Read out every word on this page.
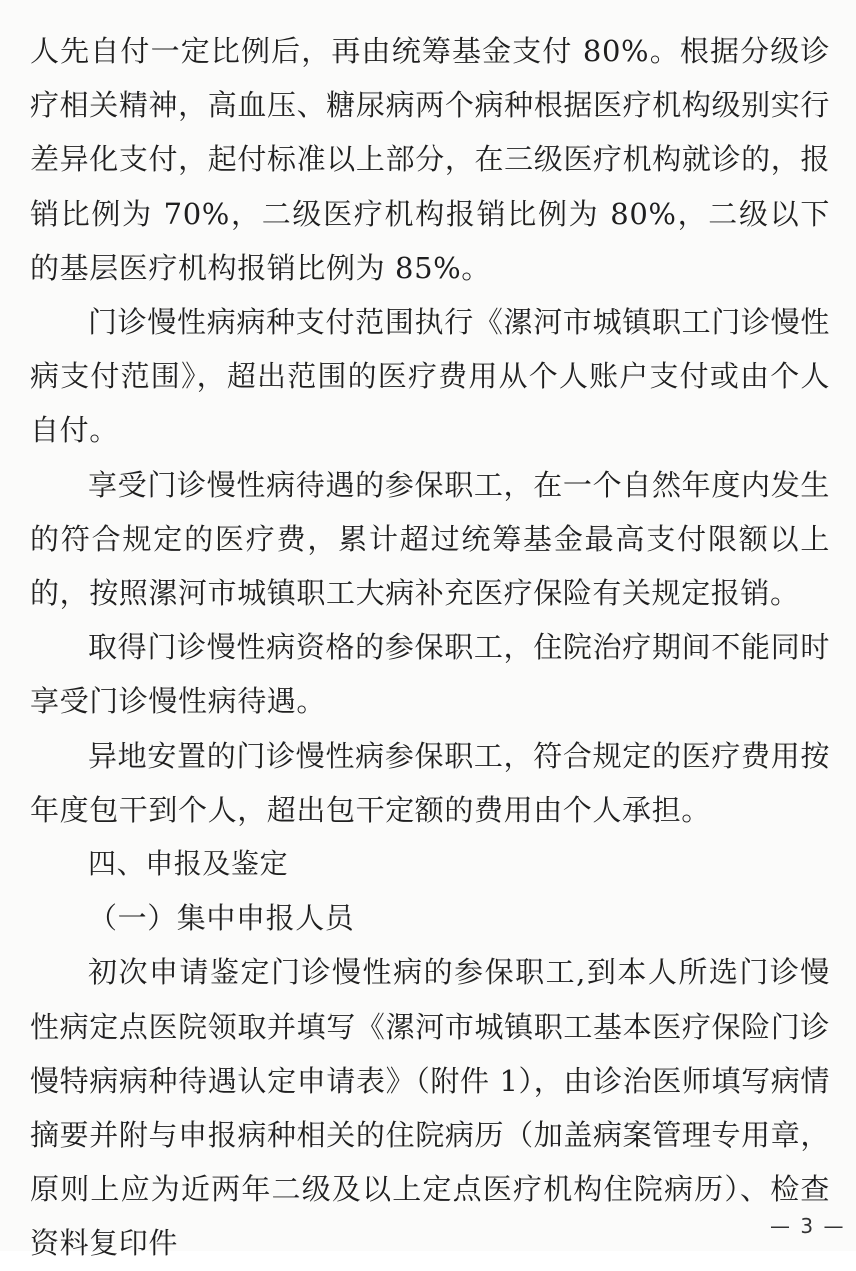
人先自付一定比例后，再由统筹基金支付 80%。根据分级诊疗相关精神，高血压、糖尿病两个病种根据医疗机构级别实行差异化支付，起付标准以上部分，在三级医疗机构就诊的，报销比例为 70%，二级医疗机构报销比例为 80%，二级以下的基层医疗机构报销比例为 85%。

门诊慢性病病种支付范围执行《漯河市城镇职工门诊慢性病支付范围》，超出范围的医疗费用从个人账户支付或由个人自付。

享受门诊慢性病待遇的参保职工，在一个自然年度内发生的符合规定的医疗费，累计超过统筹基金最高支付限额以上的，按照漯河市城镇职工大病补充医疗保险有关规定报销。

取得门诊慢性病资格的参保职工，住院治疗期间不能同时享受门诊慢性病待遇。

异地安置的门诊慢性病参保职工，符合规定的医疗费用按年度包干到个人，超出包干定额的费用由个人承担。

四、申报及鉴定

（一）集中申报人员

初次申请鉴定门诊慢性病的参保职工,到本人所选门诊慢性病定点医院领取并填写《漯河市城镇职工基本医疗保险门诊慢特病病种待遇认定申请表》（附件 1），由诊治医师填写病情摘要并附与申报病种相关的住院病历（加盖病案管理专用章，原则上应为近两年二级及以上定点医疗机构住院病历）、检查资料复印件

— 3 —
